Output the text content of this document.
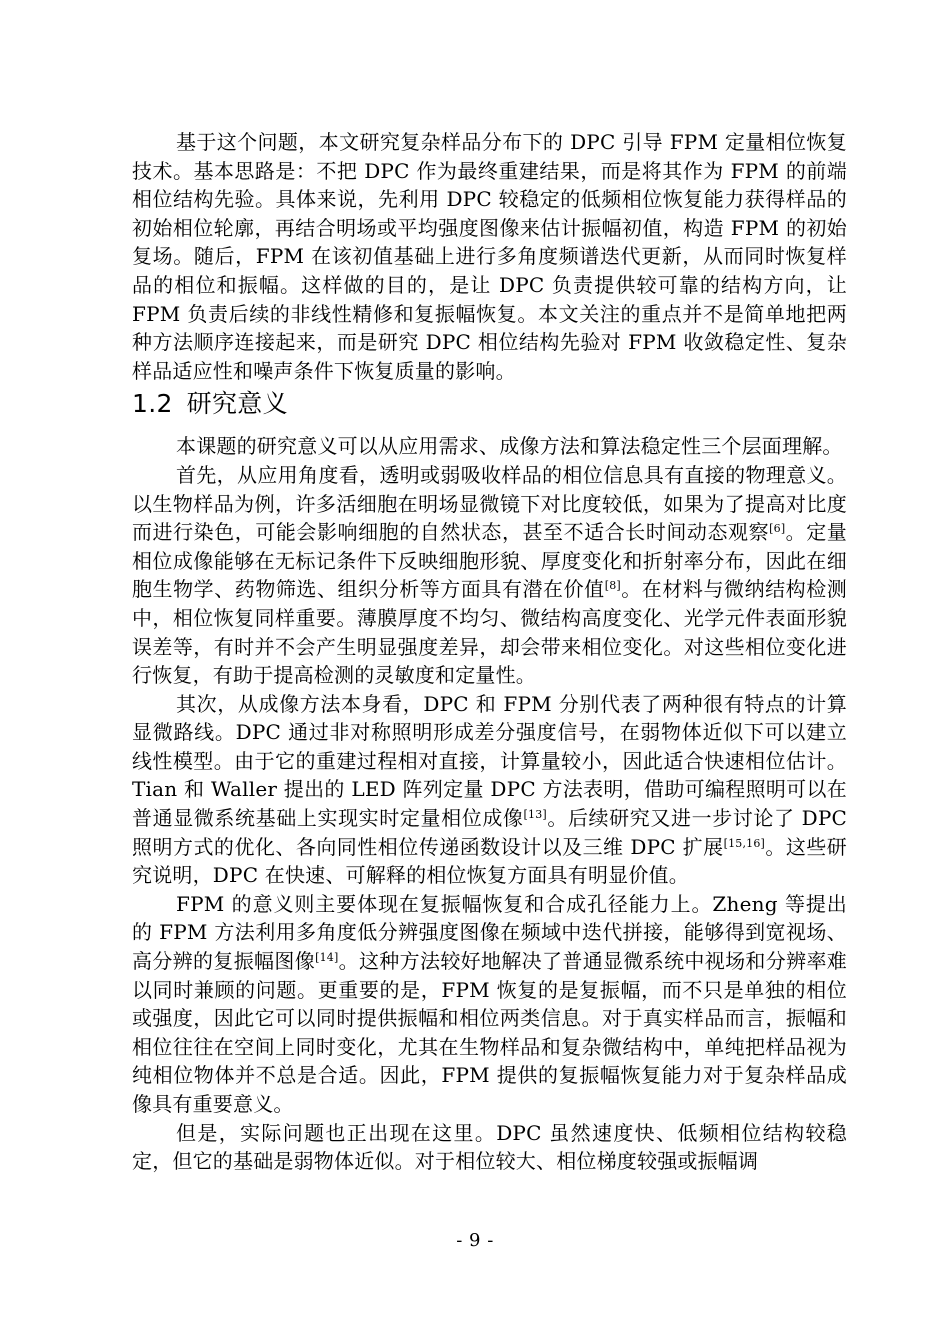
基于这个问题，本文研究复杂样品分布下的 DPC 引导 FPM 定量相位恢复技术。基本思路是：不把 DPC 作为最终重建结果，而是将其作为 FPM 的前端相位结构先验。具体来说，先利用 DPC 较稳定的低频相位恢复能力获得样品的初始相位轮廓，再结合明场或平均强度图像来估计振幅初值，构造 FPM 的初始复场。随后，FPM 在该初值基础上进行多角度频谱迭代更新，从而同时恢复样品的相位和振幅。这样做的目的，是让 DPC 负责提供较可靠的结构方向，让 FPM 负责后续的非线性精修和复振幅恢复。本文关注的重点并不是简单地把两种方法顺序连接起来，而是研究 DPC 相位结构先验对 FPM 收敛稳定性、复杂样品适应性和噪声条件下恢复质量的影响。

1.2 研究意义

本课题的研究意义可以从应用需求、成像方法和算法稳定性三个层面理解。

首先，从应用角度看，透明或弱吸收样品的相位信息具有直接的物理意义。以生物样品为例，许多活细胞在明场显微镜下对比度较低，如果为了提高对比度而进行染色，可能会影响细胞的自然状态，甚至不适合长时间动态观察[6]。定量相位成像能够在无标记条件下反映细胞形貌、厚度变化和折射率分布，因此在细胞生物学、药物筛选、组织分析等方面具有潜在价值[8]。在材料与微纳结构检测中，相位恢复同样重要。薄膜厚度不均匀、微结构高度变化、光学元件表面形貌误差等，有时并不会产生明显强度差异，却会带来相位变化。对这些相位变化进行恢复，有助于提高检测的灵敏度和定量性。

其次，从成像方法本身看，DPC 和 FPM 分别代表了两种很有特点的计算显微路线。DPC 通过非对称照明形成差分强度信号，在弱物体近似下可以建立线性模型。由于它的重建过程相对直接，计算量较小，因此适合快速相位估计。Tian 和 Waller 提出的 LED 阵列定量 DPC 方法表明，借助可编程照明可以在普通显微系统基础上实现实时定量相位成像[13]。后续研究又进一步讨论了 DPC 照明方式的优化、各向同性相位传递函数设计以及三维 DPC 扩展[15,16]。这些研究说明，DPC 在快速、可解释的相位恢复方面具有明显价值。

FPM 的意义则主要体现在复振幅恢复和合成孔径能力上。Zheng 等提出的 FPM 方法利用多角度低分辨强度图像在频域中迭代拼接，能够得到宽视场、高分辨的复振幅图像[14]。这种方法较好地解决了普通显微系统中视场和分辨率难以同时兼顾的问题。更重要的是，FPM 恢复的是复振幅，而不只是单独的相位或强度，因此它可以同时提供振幅和相位两类信息。对于真实样品而言，振幅和相位往往在空间上同时变化，尤其在生物样品和复杂微结构中，单纯把样品视为纯相位物体并不总是合适。因此，FPM 提供的复振幅恢复能力对于复杂样品成像具有重要意义。

但是，实际问题也正出现在这里。DPC 虽然速度快、低频相位结构较稳定，但它的基础是弱物体近似。对于相位较大、相位梯度较强或振幅调

- 9 -
